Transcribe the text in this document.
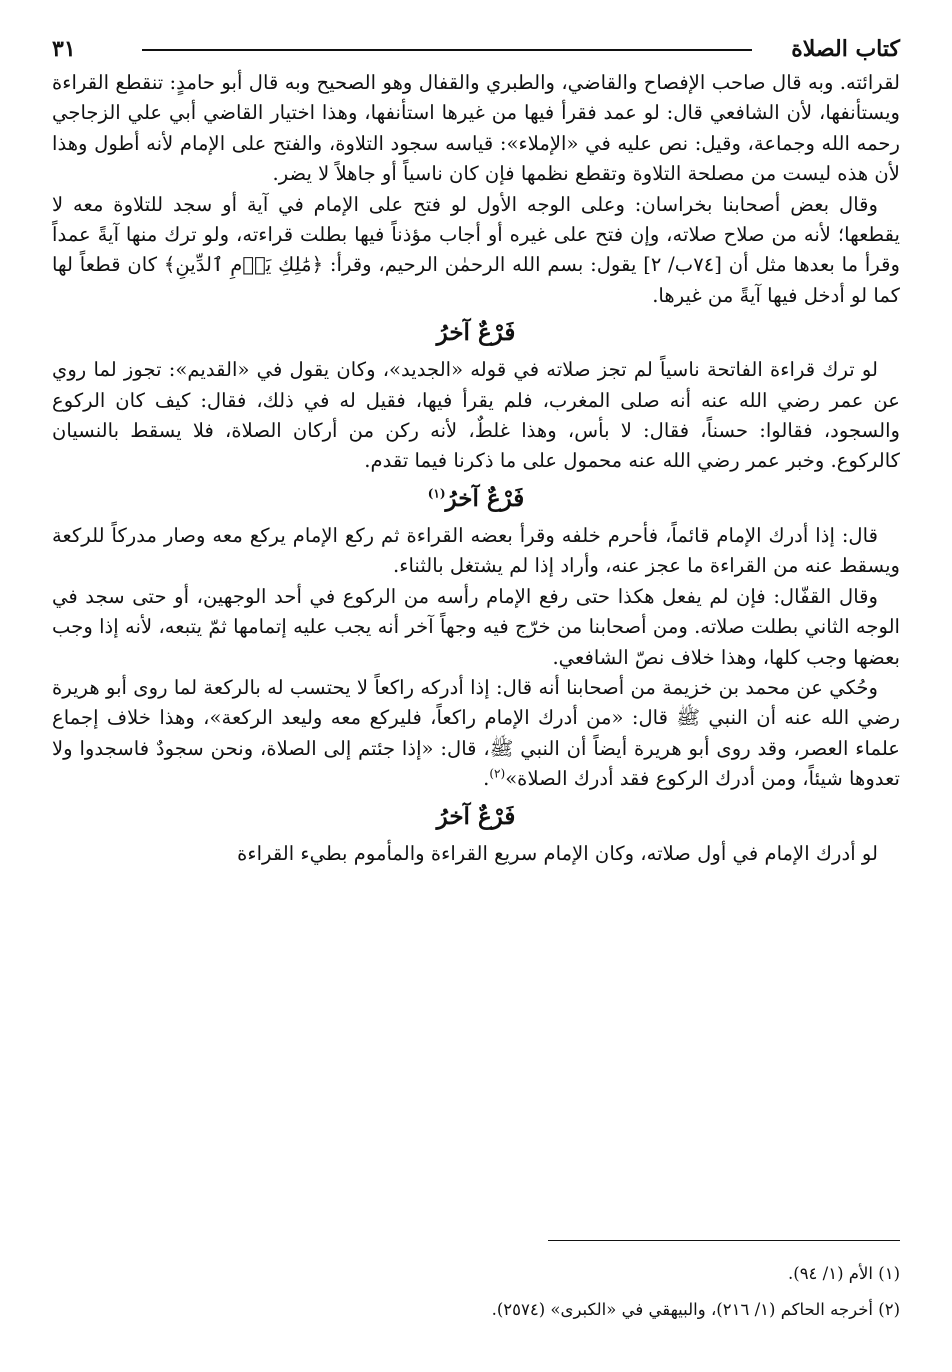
كتاب الصلاة
٣١

لقرائته. وبه قال صاحب الإفصاح والقاضي، والطبري والقفال وهو الصحيح وبه قال أبو حامدٍ: تنقطع القراءة ويستأنفها، لأن الشافعي قال: لو عمد فقرأ فيها من غيرها استأنفها، وهذا اختيار القاضي أبي علي الزجاجي رحمه الله وجماعة، وقيل: نص عليه في «الإملاء»: قياسه سجود التلاوة، والفتح على الإمام لأنه أطول وهذا لأن هذه ليست من مصلحة التلاوة وتقطع نظمها فإن كان ناسياً أو جاهلاً لا يضر.

وقال بعض أصحابنا بخراسان: وعلى الوجه الأول لو فتح على الإمام في آية أو سجد للتلاوة معه لا يقطعها؛ لأنه من صلاح صلاته، وإن فتح على غيره أو أجاب مؤذناً فيها بطلت قراءته، ولو ترك منها آيةً عمداً وقرأ ما بعدها مثل أن [٧٤ب/ ٢] يقول: بسم الله الرحمٰن الرحيم، وقرأ: ﴿مَٰلِكِ يَوۡمِ ٱلدِّينِ﴾ كان قطعاً لها كما لو أدخل فيها آيةً من غيرها.

فَرْعٌ آخرُ

لو ترك قراءة الفاتحة ناسياً لم تجز صلاته في قوله «الجديد»، وكان يقول في «القديم»: تجوز لما روي عن عمر رضي الله عنه أنه صلى المغرب، فلم يقرأ فيها، فقيل له في ذلك، فقال: كيف كان الركوع والسجود، فقالوا: حسناً، فقال: لا بأس، وهذا غلطٌ، لأنه ركن من أركان الصلاة، فلا يسقط بالنسيان كالركوع. وخبر عمر رضي الله عنه محمول على ما ذكرنا فيما تقدم.

فَرْعٌ آخرُ$^{(١)}$

قال: إذا أدرك الإمام قائماً، فأحرم خلفه وقرأ بعضه القراءة ثم ركع الإمام يركع معه وصار مدركاً للركعة ويسقط عنه من القراءة ما عجز عنه، وأراد إذا لم يشتغل بالثناء.

وقال القفّال: فإن لم يفعل هكذا حتى رفع الإمام رأسه من الركوع في أحد الوجهين، أو حتى سجد في الوجه الثاني بطلت صلاته. ومن أصحابنا من خرّج فيه وجهاً آخر أنه يجب عليه إتمامها ثمّ يتبعه، لأنه إذا وجب بعضها وجب كلها، وهذا خلاف نصّ الشافعي.

وحُكي عن محمد بن خزيمة من أصحابنا أنه قال: إذا أدركه راكعاً لا يحتسب له بالركعة لما روى أبو هريرة رضي الله عنه أن النبي ﷺ قال: «من أدرك الإمام راكعاً، فليركع معه وليعد الركعة»، وهذا خلاف إجماع علماء العصر، وقد روى أبو هريرة أيضاً أن النبي ﷺ، قال: «إذا جئتم إلى الصلاة، ونحن سجودٌ فاسجدوا ولا تعدوها شيئاً، ومن أدرك الركوع فقد أدرك الصلاة»$^{(٢)}$.

فَرْعٌ آخرُ

لو أدرك الإمام في أول صلاته، وكان الإمام سريع القراءة والمأموم بطيء القراءة

(١) الأم (١/ ٩٤).

(٢) أخرجه الحاكم (١/ ٢١٦)، والبيهقي في «الكبرى» (٢٥٧٤).
